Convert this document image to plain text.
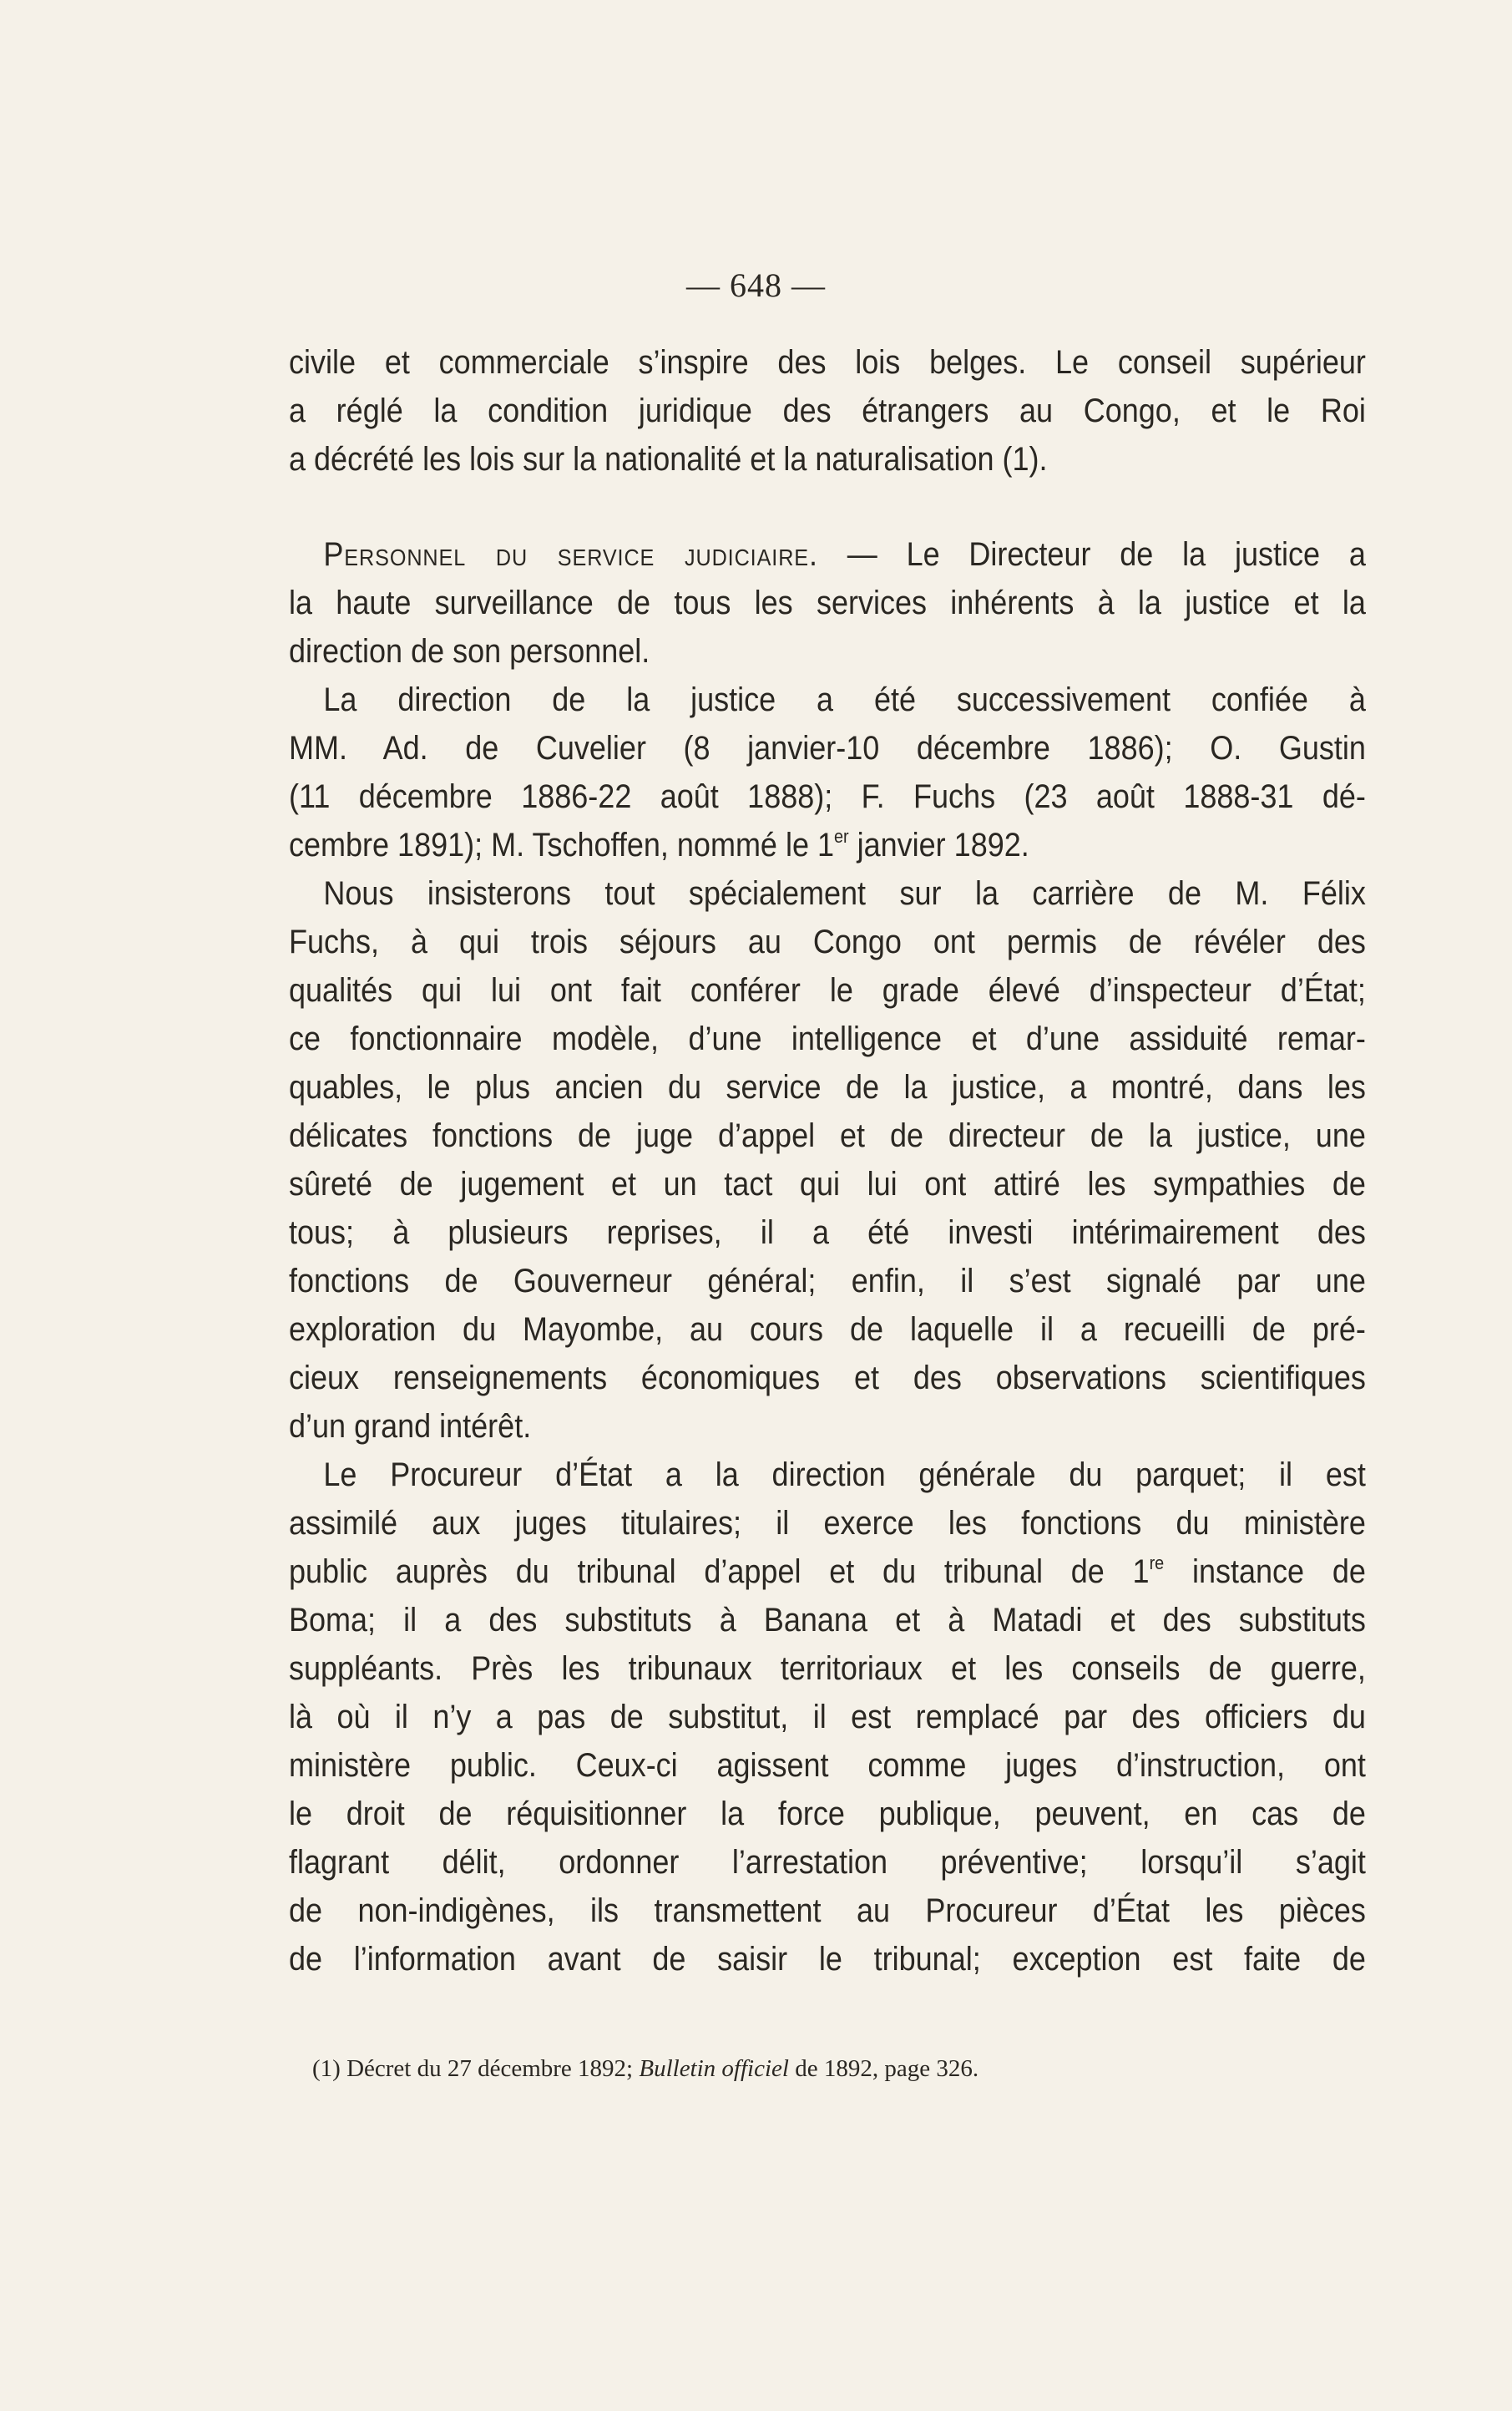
— 648 —
civile et commerciale s’inspire des lois belges. Le conseil supérieur
a réglé la condition juridique des étrangers au Congo, et le Roi
a décrété les lois sur la nationalité et la naturalisation (1).
Personnel du service judiciaire. — Le Directeur de la justice a
la haute surveillance de tous les services inhérents à la justice et la
direction de son personnel.
La direction de la justice a été successivement confiée à
MM. Ad. de Cuvelier (8 janvier-10 décembre 1886); O. Gustin
(11 décembre 1886-22 août 1888); F. Fuchs (23 août 1888-31 dé-
cembre 1891); M. Tschoffen, nommé le 1er janvier 1892.
Nous insisterons tout spécialement sur la carrière de M. Félix
Fuchs, à qui trois séjours au Congo ont permis de révéler des
qualités qui lui ont fait conférer le grade élevé d’inspecteur d’État;
ce fonctionnaire modèle, d’une intelligence et d’une assiduité remar-
quables, le plus ancien du service de la justice, a montré, dans les
délicates fonctions de juge d’appel et de directeur de la justice, une
sûreté de jugement et un tact qui lui ont attiré les sympathies de
tous; à plusieurs reprises, il a été investi intérimairement des
fonctions de Gouverneur général; enfin, il s’est signalé par une
exploration du Mayombe, au cours de laquelle il a recueilli de pré-
cieux renseignements économiques et des observations scientifiques
d’un grand intérêt.
Le Procureur d’État a la direction générale du parquet; il est
assimilé aux juges titulaires; il exerce les fonctions du ministère
public auprès du tribunal d’appel et du tribunal de 1re instance de
Boma; il a des substituts à Banana et à Matadi et des substituts
suppléants. Près les tribunaux territoriaux et les conseils de guerre,
là où il n’y a pas de substitut, il est remplacé par des officiers du
ministère public. Ceux-ci agissent comme juges d’instruction, ont
le droit de réquisitionner la force publique, peuvent, en cas de
flagrant délit, ordonner l’arrestation préventive; lorsqu’il s’agit
de non-indigènes, ils transmettent au Procureur d’État les pièces
de l’information avant de saisir le tribunal; exception est faite de
(1) Décret du 27 décembre 1892; Bulletin officiel de 1892, page 326.
